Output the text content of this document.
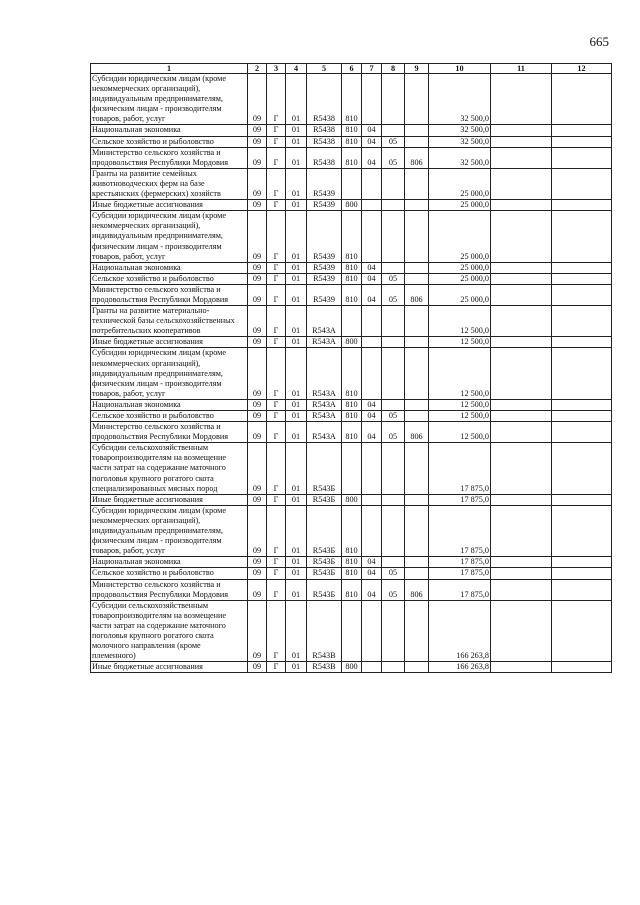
665
1	2	3	4	5	6	7	8	9	10	11	12
Субсидии юридическим лицам (кроме некоммерческих организаций), индивидуальным предпринимателям, физическим лицам - производителям товаров, работ, услуг	09	Г	01	R5438	810				32 500,0		
Национальная экономика	09	Г	01	R5438	810	04			32 500,0		
Сельское хозяйство и рыболовство	09	Г	01	R5438	810	04	05		32 500,0		
Министерство сельского хозяйства и продовольствия Республики Мордовия	09	Г	01	R5438	810	04	05	806	32 500,0		
Гранты на развитие семейных животноводческих ферм на базе крестьянских (фермерских) хозяйств	09	Г	01	R5439					25 000,0		
Иные бюджетные ассигнования	09	Г	01	R5439	800				25 000,0		
Субсидии юридическим лицам (кроме некоммерческих организаций), индивидуальным предпринимателям, физическим лицам - производителям товаров, работ, услуг	09	Г	01	R5439	810				25 000,0		
Национальная экономика	09	Г	01	R5439	810	04			25 000,0		
Сельское хозяйство и рыболовство	09	Г	01	R5439	810	04	05		25 000,0		
Министерство сельского хозяйства и продовольствия Республики Мордовия	09	Г	01	R5439	810	04	05	806	25 000,0		
Гранты на развитие материально-технической базы сельскохозяйственных потребительских кооперативов	09	Г	01	R543A					12 500,0		
Иные бюджетные ассигнования	09	Г	01	R543A	800				12 500,0		
Субсидии юридическим лицам (кроме некоммерческих организаций), индивидуальным предпринимателям, физическим лицам - производителям товаров, работ, услуг	09	Г	01	R543A	810				12 500,0		
Национальная экономика	09	Г	01	R543A	810	04			12 500,0		
Сельское хозяйство и рыболовство	09	Г	01	R543A	810	04	05		12 500,0		
Министерство сельского хозяйства и продовольствия Республики Мордовия	09	Г	01	R543A	810	04	05	806	12 500,0		
Субсидии сельскохозяйственным товаропроизводителям на возмещение части затрат на содержание маточного поголовья крупного рогатого скота специализированных мясных пород	09	Г	01	R543Б					17 875,0		
Иные бюджетные ассигнования	09	Г	01	R543Б	800				17 875,0		
Субсидии юридическим лицам (кроме некоммерческих организаций), индивидуальным предпринимателям, физическим лицам - производителям товаров, работ, услуг	09	Г	01	R543Б	810				17 875,0		
Национальная экономика	09	Г	01	R543Б	810	04			17 875,0		
Сельское хозяйство и рыболовство	09	Г	01	R543Б	810	04	05		17 875,0		
Министерство сельского хозяйства и продовольствия Республики Мордовия	09	Г	01	R543Б	810	04	05	806	17 875,0		
Субсидии сельскохозяйственным товаропроизводителям на возмещение части затрат на содержание маточного поголовья крупного рогатого скота молочного направления (кроме племенного)	09	Г	01	R543B					166 263,8		
Иные бюджетные ассигнования	09	Г	01	R543B	800				166 263,8		
